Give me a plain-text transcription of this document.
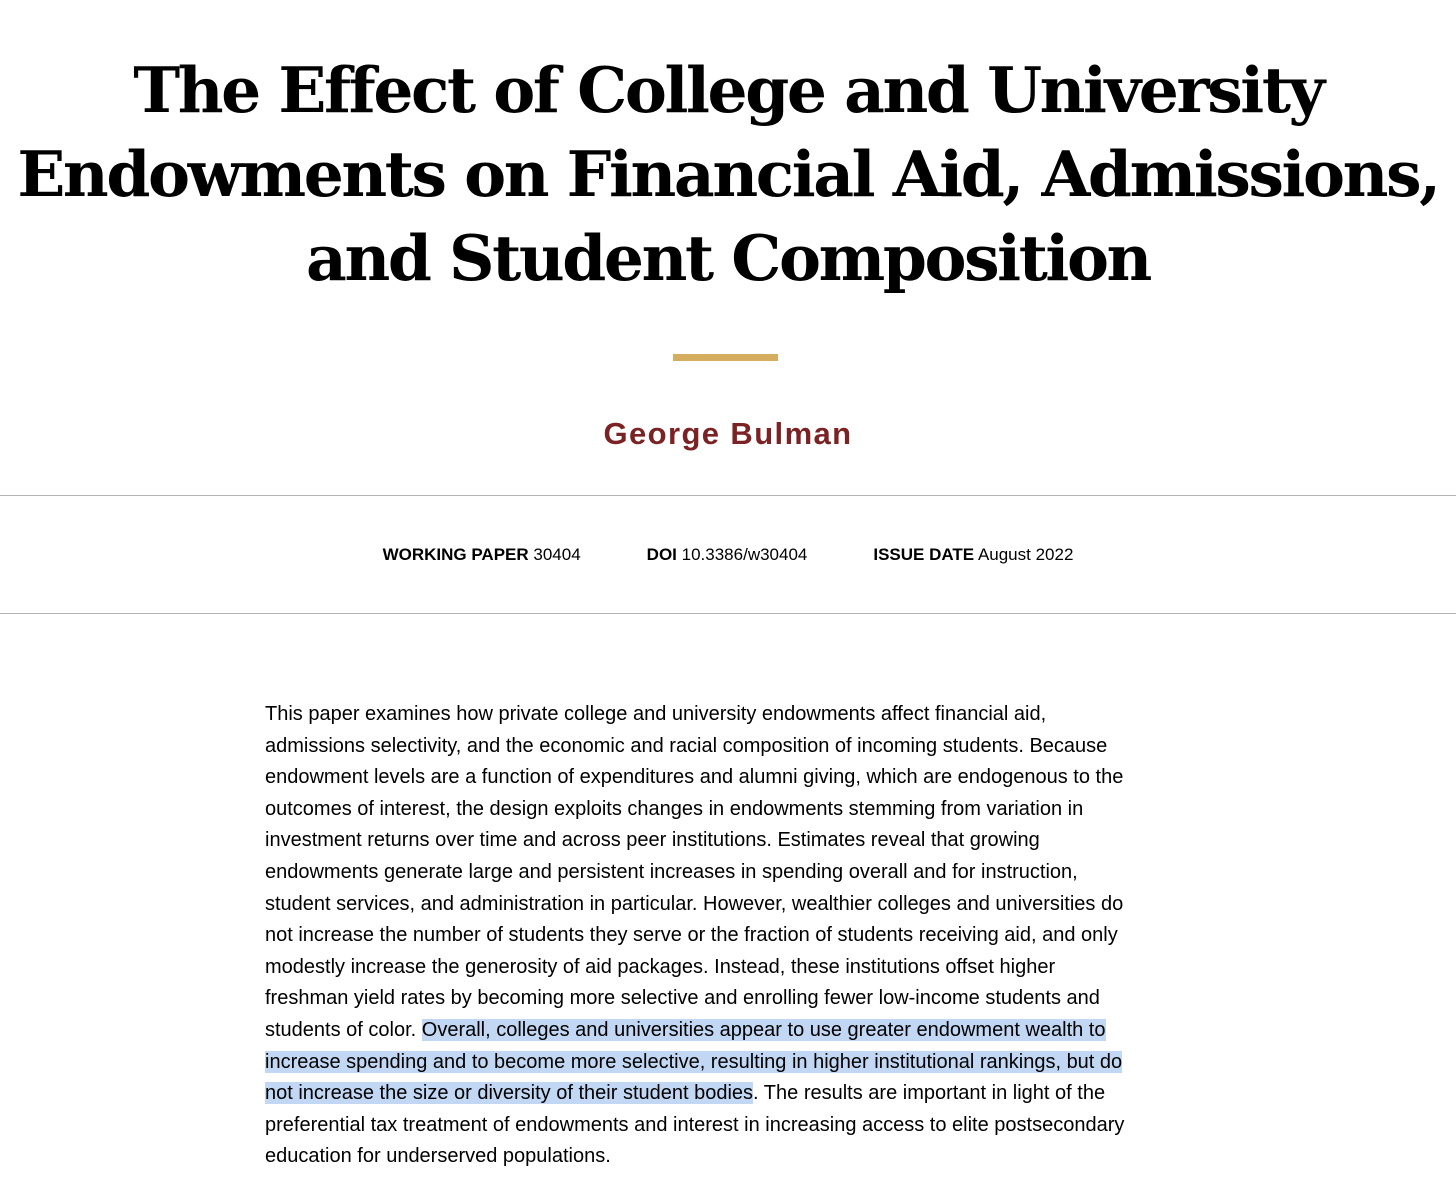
The Effect of College and University
Endowments on Financial Aid, Admissions,
and Student Composition
George Bulman
WORKING PAPER 30404	DOI 10.3386/w30404	ISSUE DATE August 2022
This paper examines how private college and university endowments affect financial aid,
admissions selectivity, and the economic and racial composition of incoming students. Because
endowment levels are a function of expenditures and alumni giving, which are endogenous to the
outcomes of interest, the design exploits changes in endowments stemming from variation in
investment returns over time and across peer institutions. Estimates reveal that growing
endowments generate large and persistent increases in spending overall and for instruction,
student services, and administration in particular. However, wealthier colleges and universities do
not increase the number of students they serve or the fraction of students receiving aid, and only
modestly increase the generosity of aid packages. Instead, these institutions offset higher
freshman yield rates by becoming more selective and enrolling fewer low-income students and
students of color. Overall, colleges and universities appear to use greater endowment wealth to
increase spending and to become more selective, resulting in higher institutional rankings, but do
not increase the size or diversity of their student bodies. The results are important in light of the
preferential tax treatment of endowments and interest in increasing access to elite postsecondary
education for underserved populations.
